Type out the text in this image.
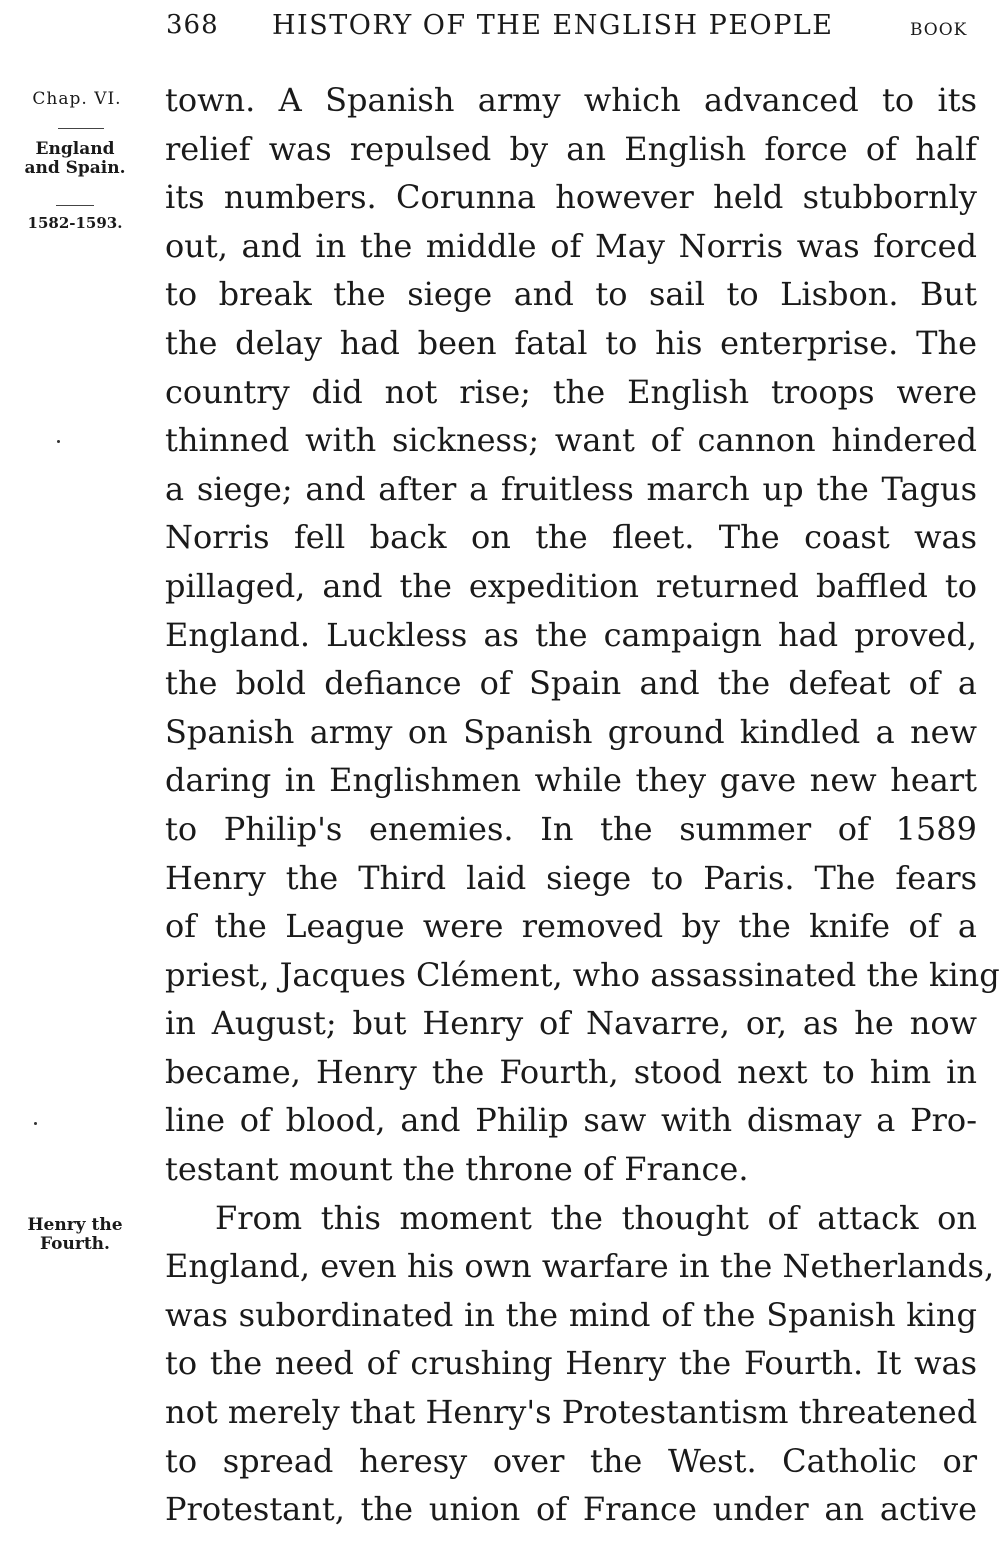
368 HISTORY OF THE ENGLISH PEOPLE	BOOK
Chap. VI.
England
and Spain.
1582-1593.
Henry the
Fourth.
town. A Spanish army which advanced to its
relief was repulsed by an English force of half
its numbers. Corunna however held stubbornly
out, and in the middle of May Norris was forced
to break the siege and to sail to Lisbon. But
the delay had been fatal to his enterprise. The
country did not rise; the English troops were
thinned with sickness; want of cannon hindered
a siege; and after a fruitless march up the Tagus
Norris fell back on the fleet. The coast was
pillaged, and the expedition returned baffled to
England. Luckless as the campaign had proved,
the bold defiance of Spain and the defeat of a
Spanish army on Spanish ground kindled a new
daring in Englishmen while they gave new heart
to Philip's enemies. In the summer of 1589
Henry the Third laid siege to Paris. The fears
of the League were removed by the knife of a
priest, Jacques Clément, who assassinated the king
in August; but Henry of Navarre, or, as he now
became, Henry the Fourth, stood next to him in
line of blood, and Philip saw with dismay a Pro-
testant mount the throne of France.
From this moment the thought of attack on
England, even his own warfare in the Netherlands,
was subordinated in the mind of the Spanish king
to the need of crushing Henry the Fourth. It was
not merely that Henry's Protestantism threatened
to spread heresy over the West. Catholic or
Protestant, the union of France under an active
